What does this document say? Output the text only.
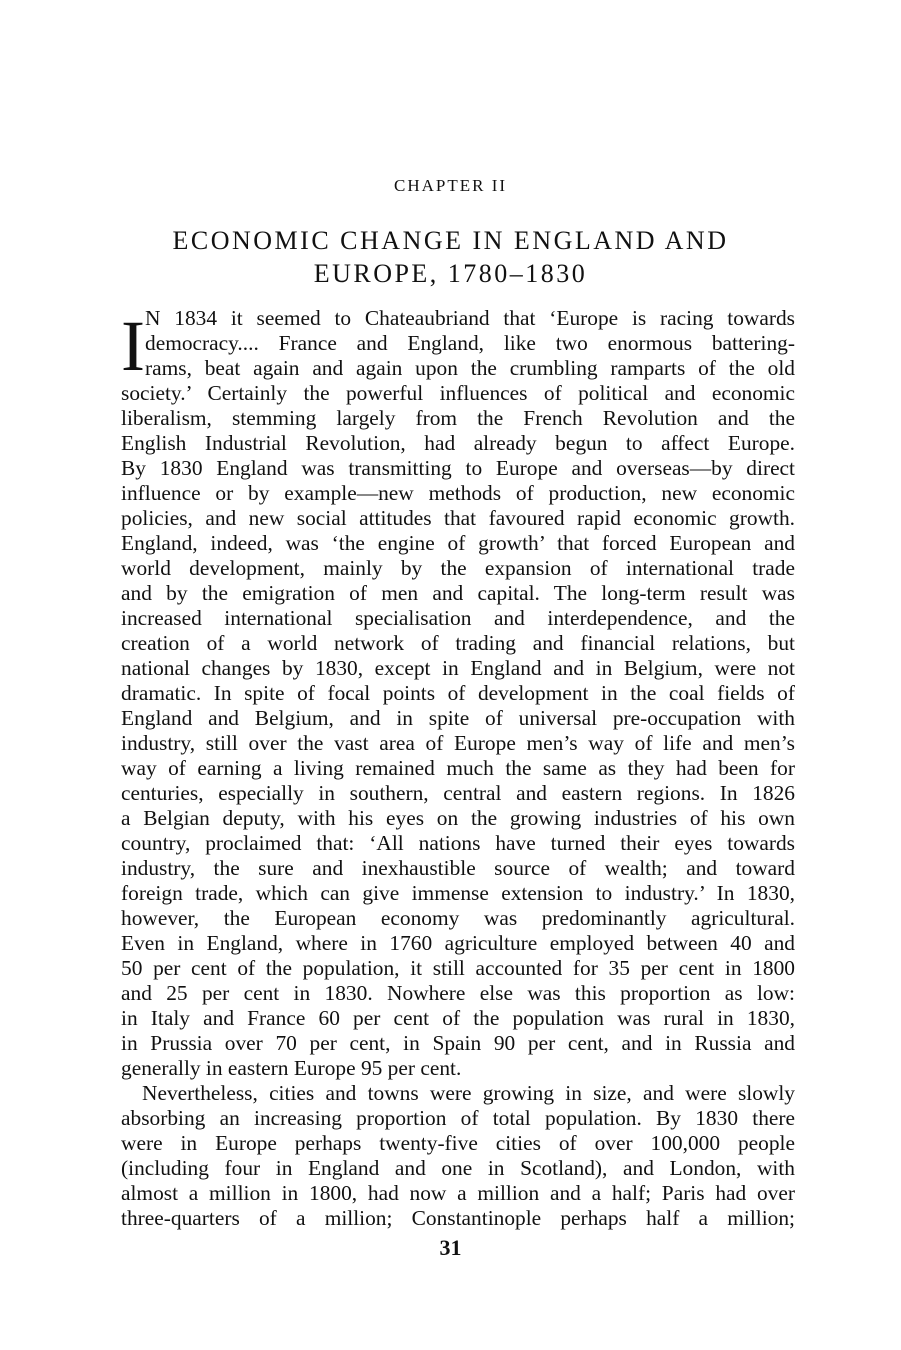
CHAPTER II
ECONOMIC CHANGE IN ENGLAND AND
EUROPE, 1780–1830
I N 1834 it seemed to Chateaubriand that ‘Europe is racing towards
democracy.... France and England, like two enormous battering-
rams, beat again and again upon the crumbling ramparts of the old
society.’ Certainly the powerful influences of political and economic
liberalism, stemming largely from the French Revolution and the
English Industrial Revolution, had already begun to affect Europe.
By 1830 England was transmitting to Europe and overseas—by direct
influence or by example—new methods of production, new economic
policies, and new social attitudes that favoured rapid economic growth.
England, indeed, was ‘the engine of growth’ that forced European and
world development, mainly by the expansion of international trade
and by the emigration of men and capital. The long-term result was
increased international specialisation and interdependence, and the
creation of a world network of trading and financial relations, but
national changes by 1830, except in England and in Belgium, were not
dramatic. In spite of focal points of development in the coal fields of
England and Belgium, and in spite of universal pre-occupation with
industry, still over the vast area of Europe men’s way of life and men’s
way of earning a living remained much the same as they had been for
centuries, especially in southern, central and eastern regions. In 1826
a Belgian deputy, with his eyes on the growing industries of his own
country, proclaimed that: ‘All nations have turned their eyes towards
industry, the sure and inexhaustible source of wealth; and toward
foreign trade, which can give immense extension to industry.’ In 1830,
however, the European economy was predominantly agricultural.
Even in England, where in 1760 agriculture employed between 40 and
50 per cent of the population, it still accounted for 35 per cent in 1800
and 25 per cent in 1830. Nowhere else was this proportion as low:
in Italy and France 60 per cent of the population was rural in 1830,
in Prussia over 70 per cent, in Spain 90 per cent, and in Russia and
generally in eastern Europe 95 per cent.
Nevertheless, cities and towns were growing in size, and were slowly
absorbing an increasing proportion of total population. By 1830 there
were in Europe perhaps twenty-five cities of over 100,000 people
(including four in England and one in Scotland), and London, with
almost a million in 1800, had now a million and a half; Paris had over
three-quarters of a million; Constantinople perhaps half a million;
31
